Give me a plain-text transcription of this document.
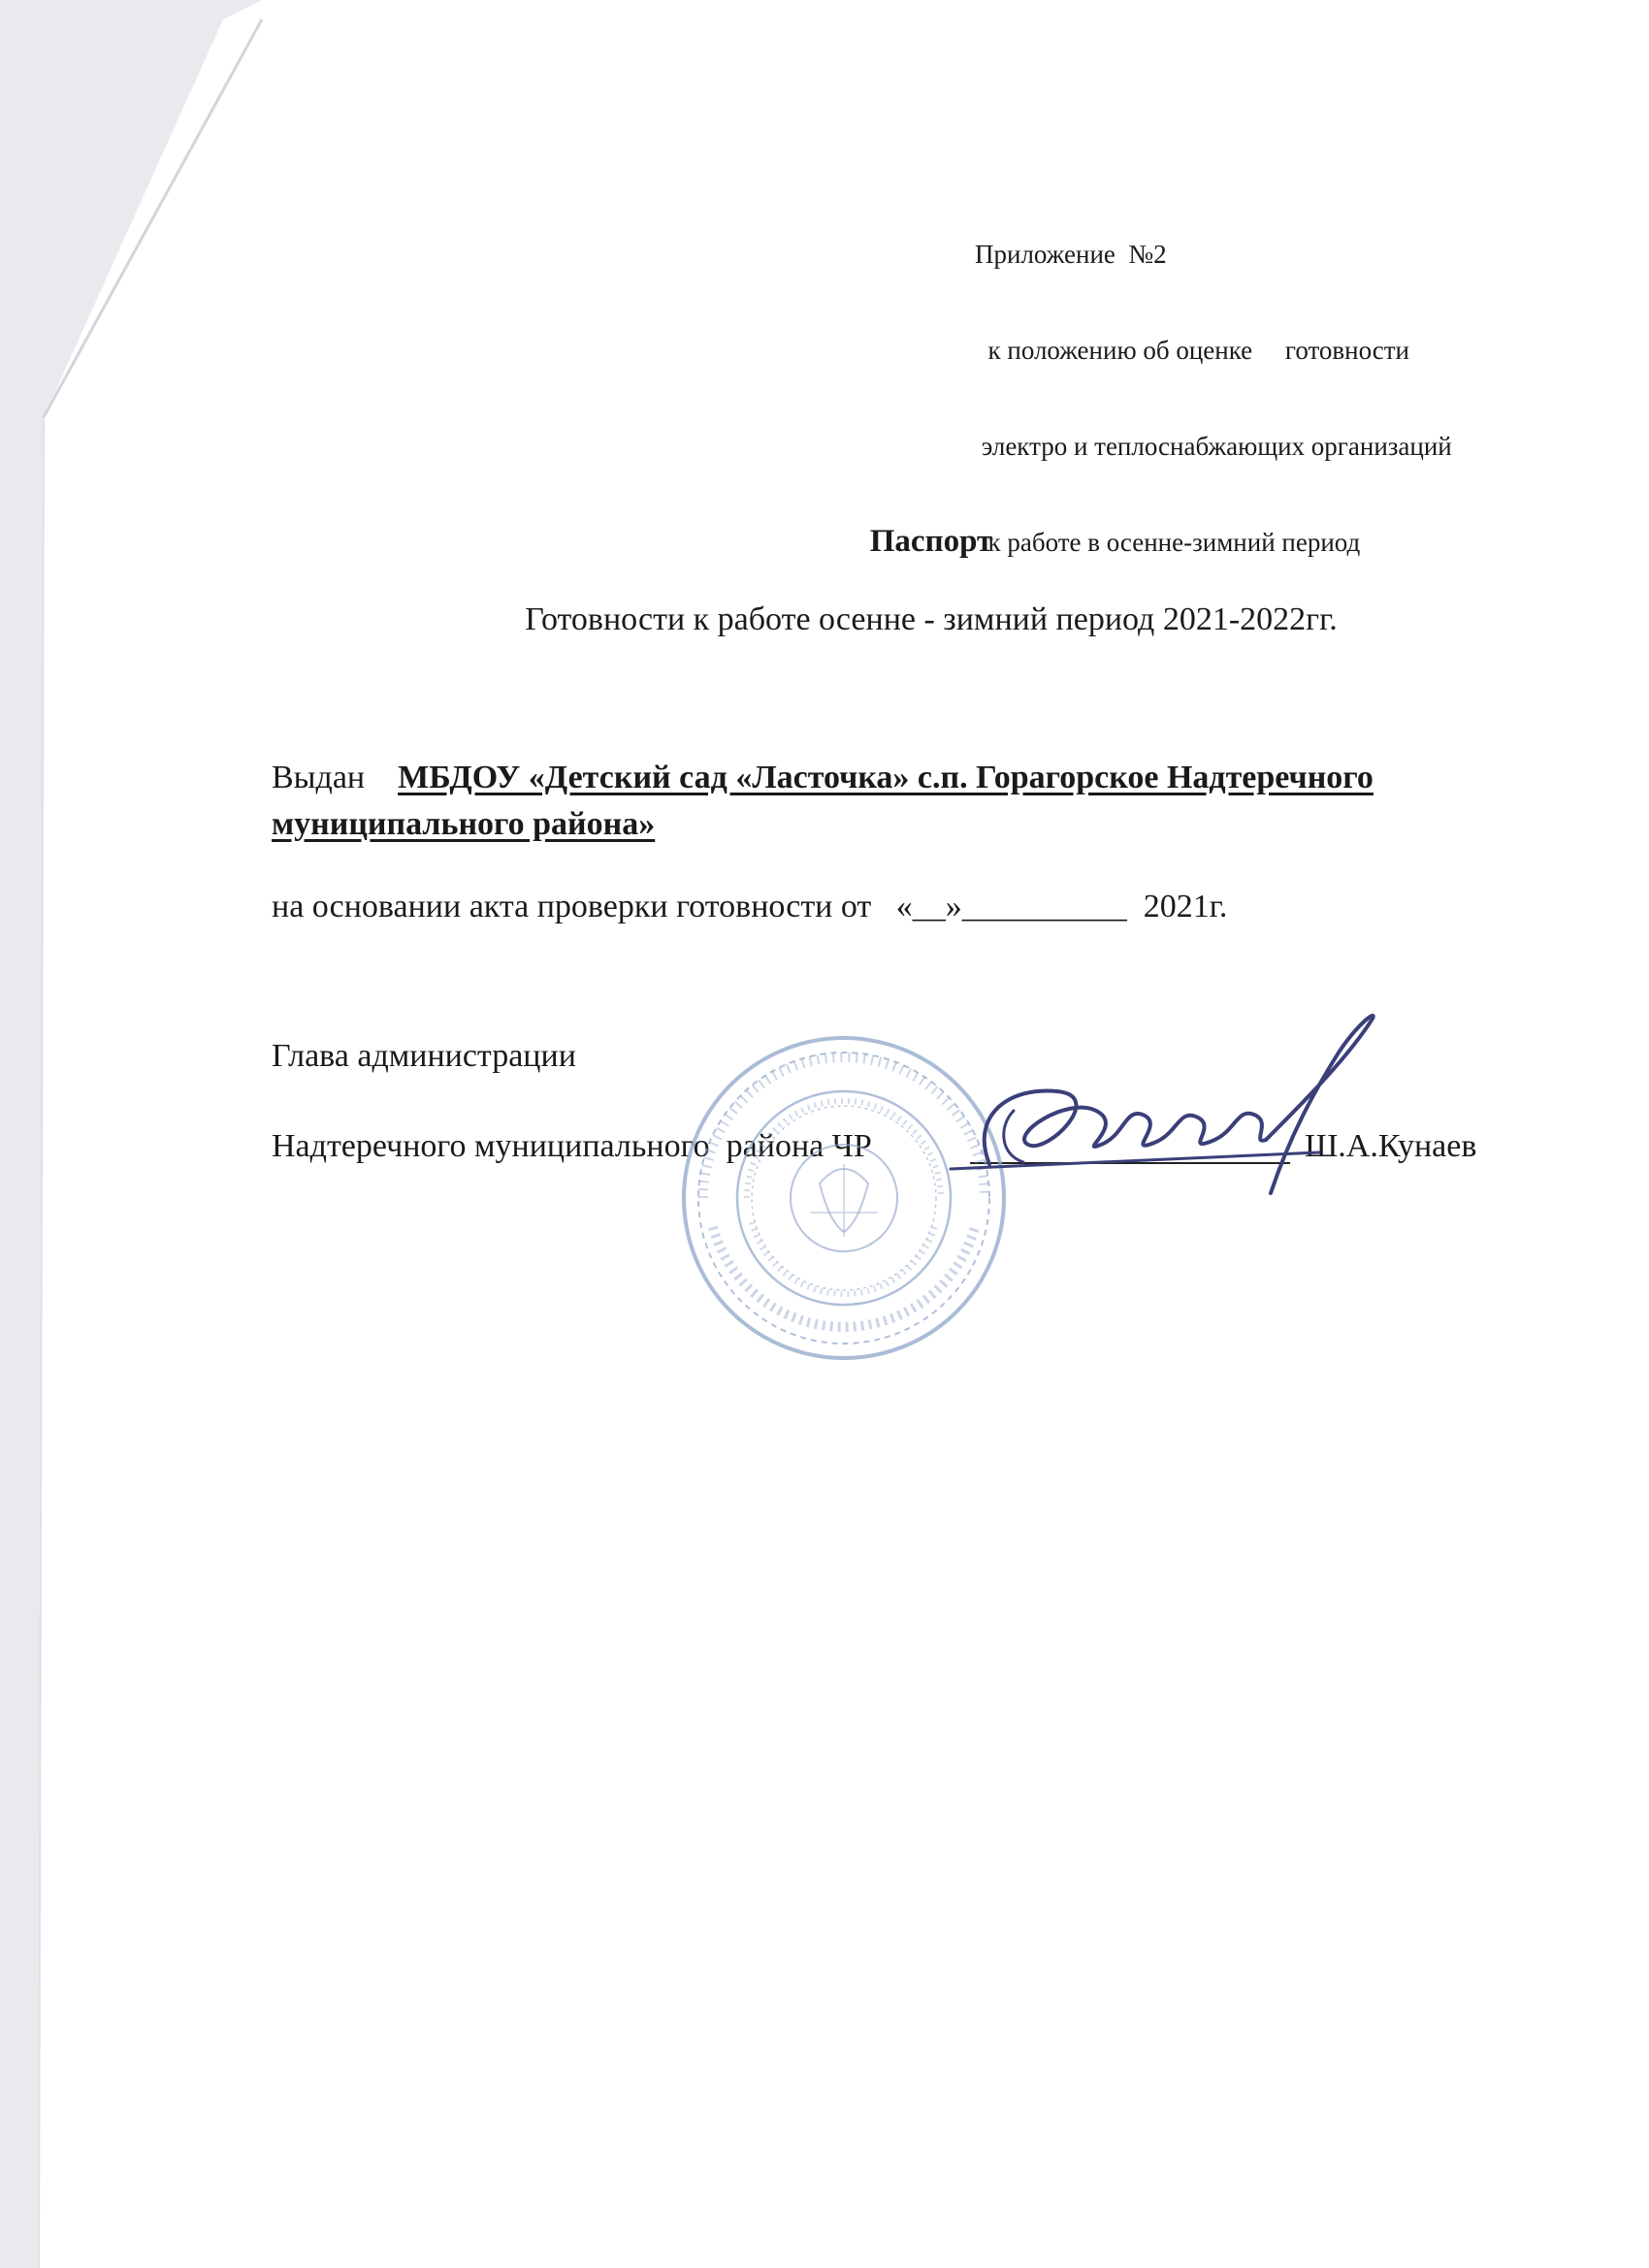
Приложение  №2

к положению об оценке     готовности

электро и теплоснабжающих организаций

к работе в осенне-зимний период

Паспорт
Готовности к работе осенне - зимний период 2021-2022гг.
Выдан МБДОУ «Детский сад «Ласточка» с.п. Горагорское Надтеречного муниципального района»
на основании акта проверки готовности от   «__»__________  2021г.
Глава администрации
Надтеречного муниципального  района ЧР	Ш.А.Кунаев
